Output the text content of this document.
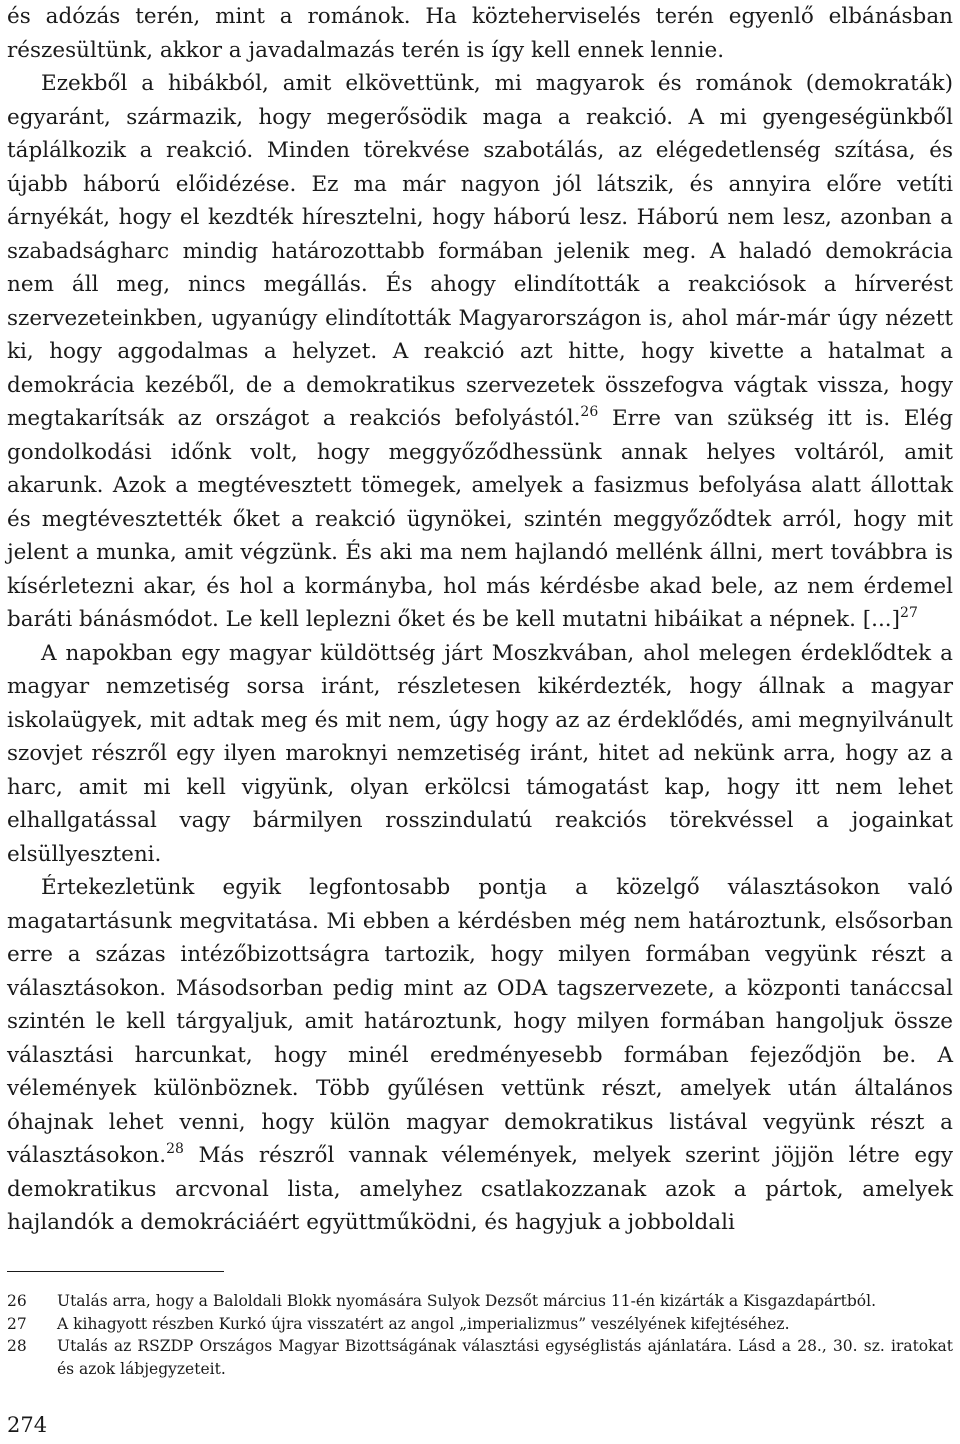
és adózás terén, mint a románok. Ha közteherviselés terén egyenlő elbánásban részesültünk, akkor a javadalmazás terén is így kell ennek lennie.

Ezekből a hibákból, amit elkövettünk, mi magyarok és románok (demokraták) egyaránt, származik, hogy megerősödik maga a reakció. A mi gyengeségünkből táplálkozik a reakció. Minden törekvése szabotálás, az elégedetlenség szítása, és újabb háború előidézése. Ez ma már nagyon jól látszik, és annyira előre vetíti árnyékát, hogy el kezdték híresztelni, hogy háború lesz. Háború nem lesz, azonban a szabadságharc mindig határozottabb formában jelenik meg. A haladó demokrácia nem áll meg, nincs megállás. És ahogy elindították a reakciósok a hírverést szervezeteinkben, ugyanúgy elindították Magyarországon is, ahol már-már úgy nézett ki, hogy aggodalmas a helyzet. A reakció azt hitte, hogy kivette a hatalmat a demokrácia kezéből, de a demokratikus szervezetek összefogva vágtak vissza, hogy megtakarítsák az országot a reakciós befolyástól.$^{26}$ Erre van szükség itt is. Elég gondolkodási időnk volt, hogy meggyőződhessünk annak helyes voltáról, amit akarunk. Azok a megtévesztett tömegek, amelyek a fasizmus befolyása alatt állottak és megtévesztették őket a reakció ügynökei, szintén meggyőződtek arról, hogy mit jelent a munka, amit végzünk. És aki ma nem hajlandó mellénk állni, mert továbbra is kísérletezni akar, és hol a kormányba, hol más kérdésbe akad bele, az nem érdemel baráti bánásmódot. Le kell leplezni őket és be kell mutatni hibáikat a népnek. [...]$^{27}$

A napokban egy magyar küldöttség járt Moszkvában, ahol melegen érdeklődtek a magyar nemzetiség sorsa iránt, részletesen kikérdezték, hogy állnak a magyar iskolaügyek, mit adtak meg és mit nem, úgy hogy az az érdeklődés, ami megnyilvánult szovjet részről egy ilyen maroknyi nemzetiség iránt, hitet ad nekünk arra, hogy az a harc, amit mi kell vigyünk, olyan erkölcsi támogatást kap, hogy itt nem lehet elhallgatással vagy bármilyen rosszindulatú reakciós törekvéssel a jogainkat elsüllyeszteni.

Értekezletünk egyik legfontosabb pontja a közelgő választásokon való magatartásunk megvitatása. Mi ebben a kérdésben még nem határoztunk, elsősorban erre a százas intézőbizottságra tartozik, hogy milyen formában vegyünk részt a választásokon. Másodsorban pedig mint az ODA tagszervezete, a központi tanáccsal szintén le kell tárgyaljuk, amit határoztunk, hogy milyen formában hangoljuk össze választási harcunkat, hogy minél eredményesebb formában fejeződjön be. A vélemények különböznek. Több gyűlésen vettünk részt, amelyek után általános óhajnak lehet venni, hogy külön magyar demokratikus listával vegyünk részt a választásokon.$^{28}$ Más részről vannak vélemények, melyek szerint jöjjön létre egy demokratikus arcvonal lista, amelyhez csatlakozzanak azok a pártok, amelyek hajlandók a demokráciáért együttműködni, és hagyjuk a jobboldali

26	Utalás arra, hogy a Baloldali Blokk nyomására Sulyok Dezsőt március 11-én kizárták a Kisgazdapártból.
27	A kihagyott részben Kurkó újra visszatért az angol „imperializmus” veszélyének kifejtéséhez.
28	Utalás az RSZDP Országos Magyar Bizottságának választási egységlistás ajánlatára. Lásd a 28., 30. sz. iratokat és azok lábjegyzeteit.
274
